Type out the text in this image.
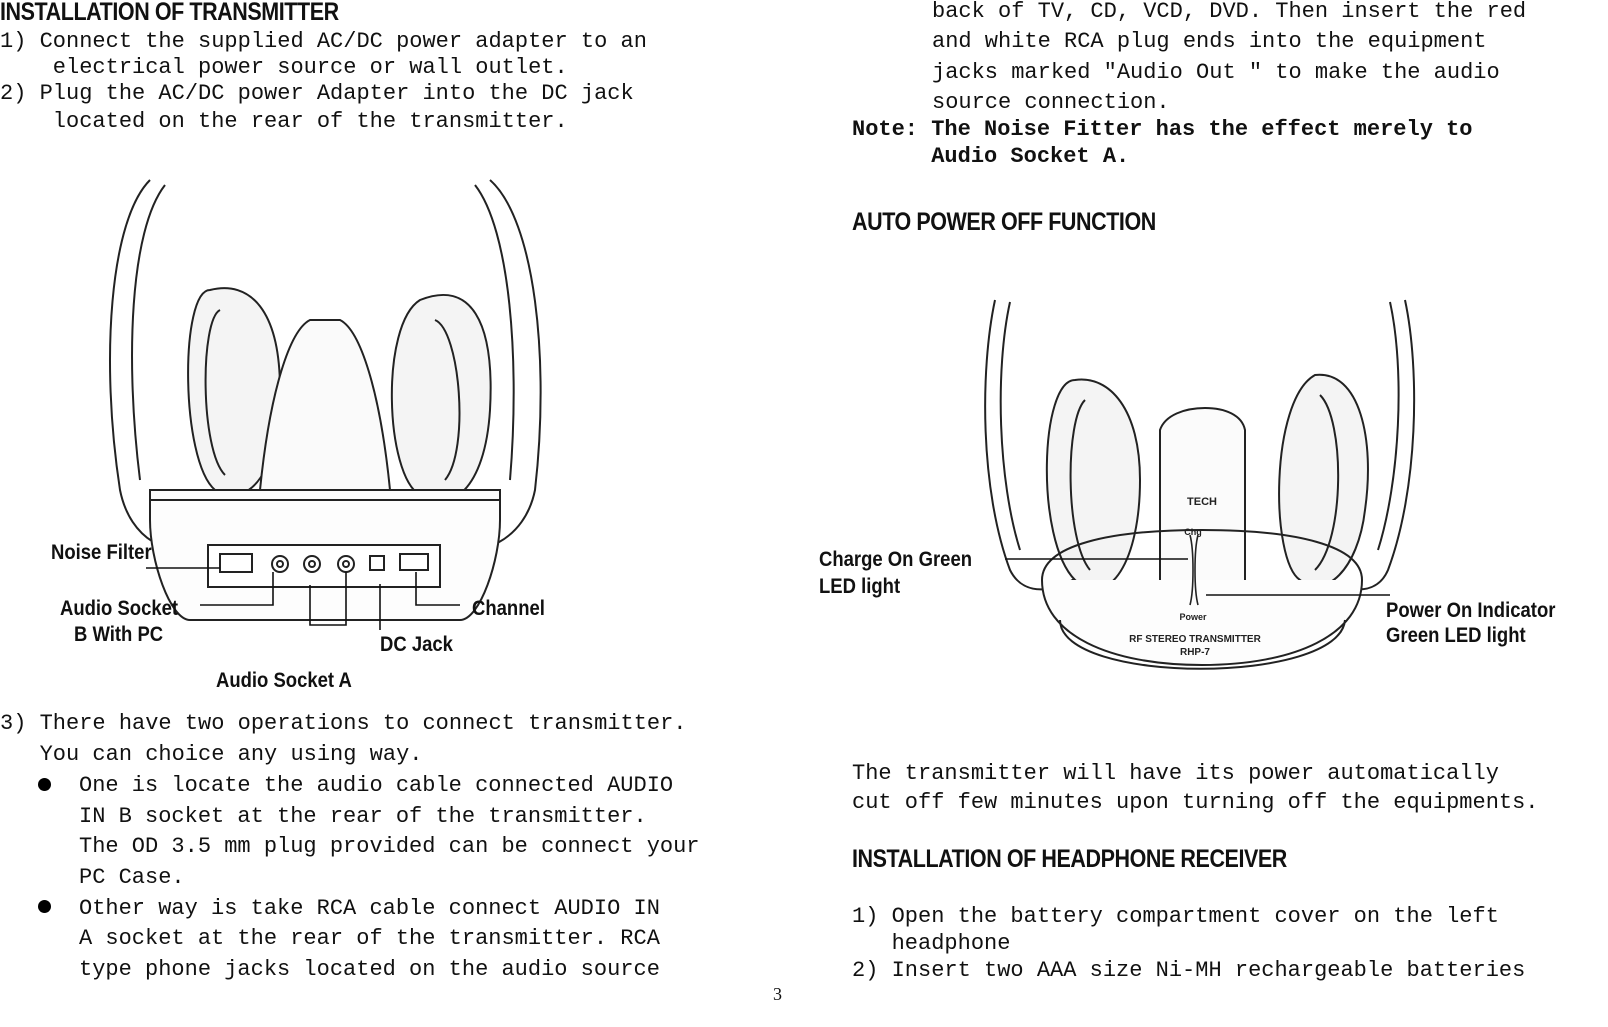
INSTALLATION OF TRANSMITTER
1) Connect the supplied AC/DC power adapter to an
electrical power source or wall outlet.
2) Plug the AC/DC power Adapter into the DC jack
located on the rear of the transmitter.
Noise Filter
Audio Socket
B With PC
Channel
DC Jack
Audio Socket A
3) There have two operations to connect transmitter.
You can choice any using way.
One is locate the audio cable connected AUDIO
IN B socket at the rear of the transmitter.
The OD 3.5 mm plug provided can be connect your
PC Case.
Other way is take RCA cable connect AUDIO IN
A socket at the rear of the transmitter. RCA
type phone jacks located on the audio source
back of TV, CD, VCD, DVD. Then insert the red
and white RCA plug ends into the equipment
jacks marked "Audio Out " to make the audio
source connection.
Note: The Noise Fitter has the effect merely to
Audio Socket A.
AUTO POWER OFF FUNCTION
TECH
Chg
Power
RF STEREO TRANSMITTER
RHP-7
Charge On Green
LED light
Power On Indicator
Green LED light
The transmitter will have its power automatically
cut off few minutes upon turning off the equipments.
INSTALLATION OF HEADPHONE RECEIVER
1) Open the battery compartment cover on the left
headphone
2) Insert two AAA size Ni-MH rechargeable batteries
3
